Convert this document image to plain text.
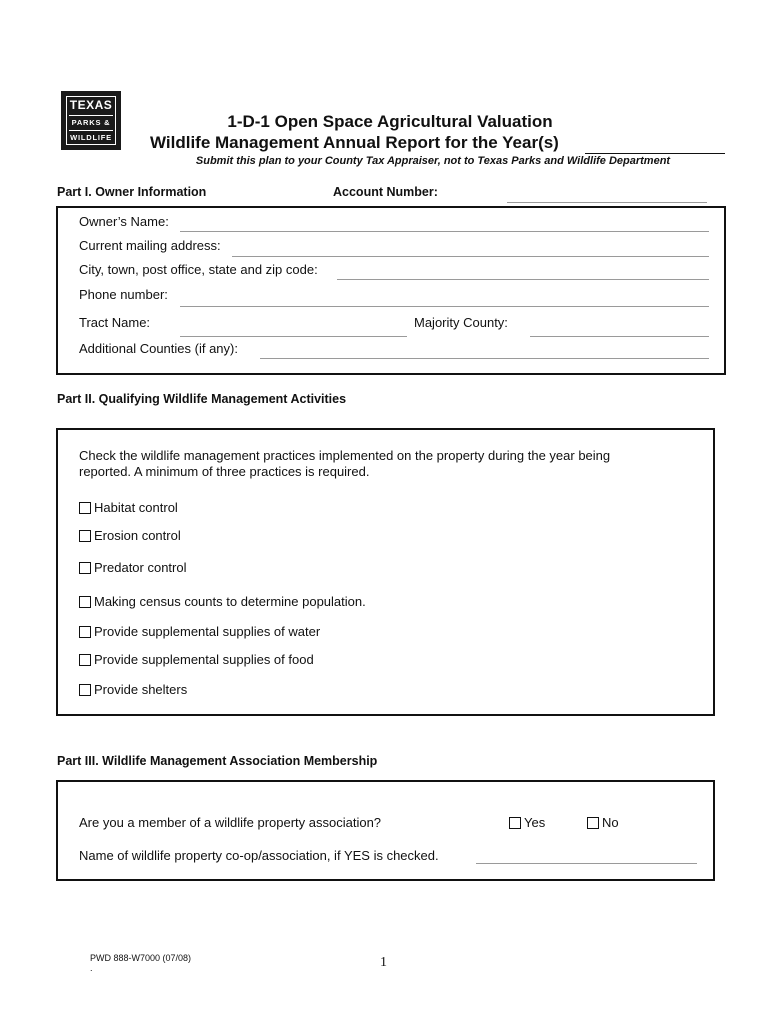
TEXAS
PARKS &
WILDLIFE
1-D-1 Open Space Agricultural Valuation
Wildlife Management Annual Report for the Year(s)
Submit this plan to your County Tax Appraiser, not to Texas Parks and Wildlife Department
Part I. Owner Information	Account Number:
Owner’s Name:
Current mailing address:
City, town, post office, state and zip code:
Phone number:
Tract Name:	Majority County:
Additional Counties (if any):
Part II. Qualifying Wildlife Management Activities
Check the wildlife management practices implemented on the property during the year being
reported. A minimum of three practices is required.
Habitat control
Erosion control
Predator control
Making census counts to determine population.
Provide supplemental supplies of water
Provide supplemental supplies of food
Provide shelters
Part III. Wildlife Management Association Membership
Are you a member of a wildlife property association?	Yes	No
Name of wildlife property co-op/association, if YES is checked.
PWD 888-W7000 (07/08)
.	1
